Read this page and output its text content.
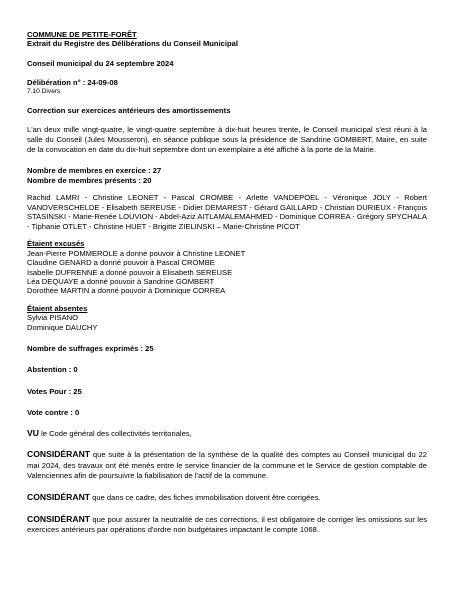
COMMUNE DE PETITE-FORÊT
Extrait du Registre des Délibérations du Conseil Municipal
Conseil municipal du 24 septembre 2024
Délibération n° : 24-09-08
7.10 Divers
Correction sur exercices antérieurs des amortissements
L'an deux mille vingt-quatre, le vingt-quatre septembre à dix-huit heures trente, le Conseil municipal s'est réuni à la salle du Conseil (Jules Mousseron), en séance publique sous la présidence de Sandrine GOMBERT, Maire, en suite de la convocation en date du dix-huit septembre dont un exemplaire a été affiché à la porte de la Mairie.
Nombre de membres en exercice : 27
Nombre de membres présents : 20
Rachid LAMRI - Christine LEONET - Pascal CROMBE - Arlette VANDEPOEL - Véronique JOLY - Robert VANOVERSCHELDE - Elisabeth SEREUSE - Didier DEMAREST - Gérard GAILLARD - Christian DURIEUX - François STASINSKI - Marie-Renée LOUVION - Abdel-Aziz AITLAMALEMAHMED - Dominique CORREA - Grégory SPYCHALA - Tiphanie OTLET - Christine HUET - Brigitte ZIELINSKI – Marie-Christine PICOT
Étaient excusés
Jean-Pierre POMMEROLE a donné pouvoir à Christine LEONET
Claudine GENARD a donné pouvoir à Pascal CROMBE
Isabelle DUFRENNE a donné pouvoir à Elisabeth SEREUSE
Léa DEQUAYE a donné pouvoir à Sandrine GOMBERT
Dorothée MARTIN a donné pouvoir à Dominique CORREA
Étaient absentes
Sylvia PISANO
Dominique DAUCHY
Nombre de suffrages exprimés : 25
Abstention : 0
Votes Pour : 25
Vote contre : 0
VU le Code général des collectivités territoriales,
CONSIDÉRANT que suite à la présentation de la synthèse de la qualité des comptes au Conseil municipal du 22 mai 2024, des travaux ont été menés entre le service financier de la commune et le Service de gestion comptable de Valenciennes afin de poursuivre la fiabilisation de l'actif de la commune.
CONSIDÉRANT que dans ce cadre, des fiches immobilisation doivent être corrigées.
CONSIDÉRANT que pour assurer la neutralité de ces corrections, il est obligatoire de corriger les omissions sur les exercices antérieurs par opérations d'ordre non budgétaires impactant le compte 1068.
